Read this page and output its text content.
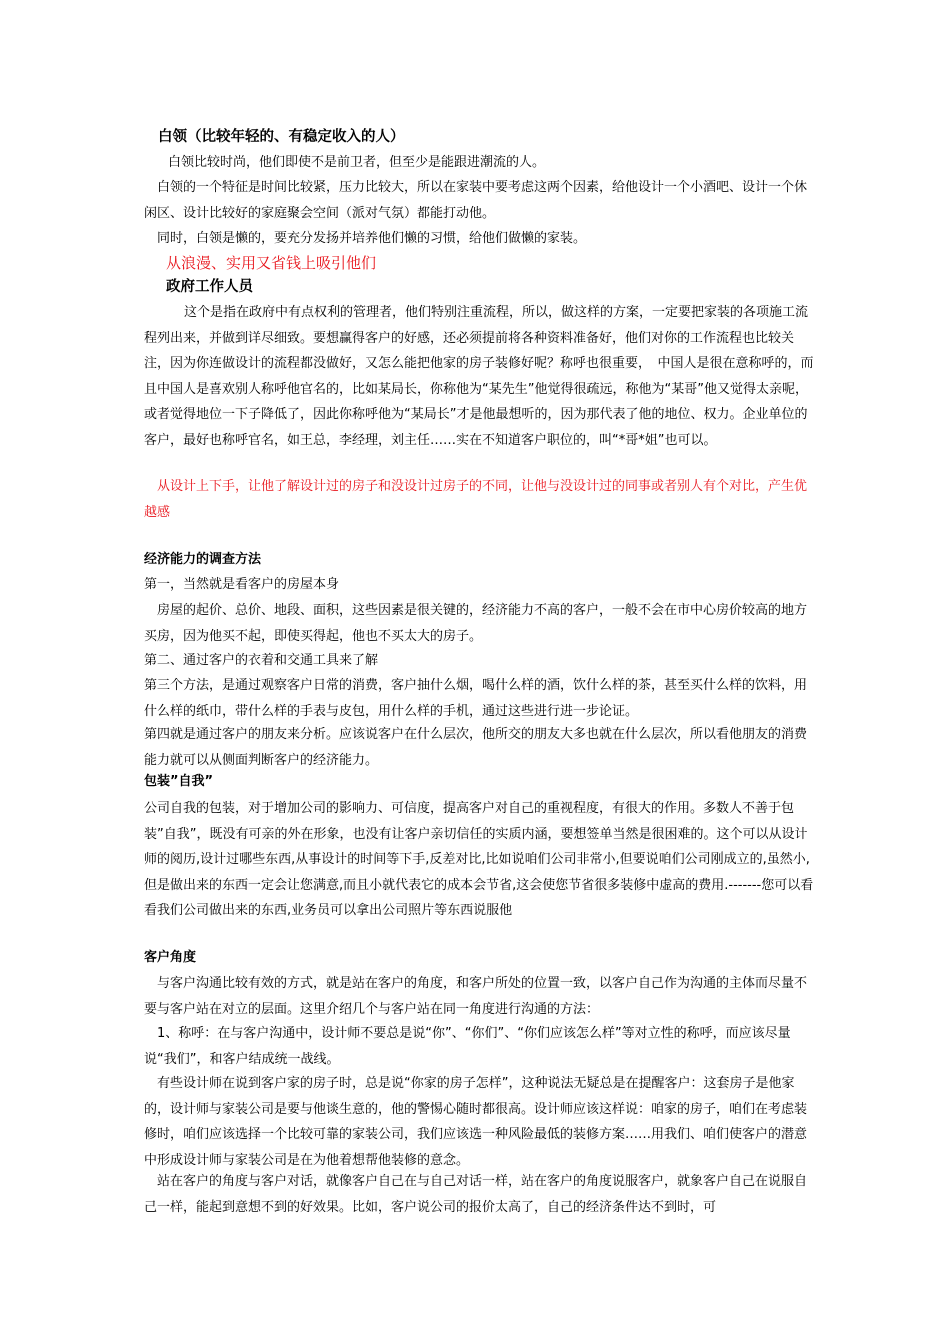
白领（比较年轻的、有稳定收入的人）

白领比较时尚，他们即使不是前卫者，但至少是能跟进潮流的人。

白领的一个特征是时间比较紧，压力比较大，所以在家装中要考虑这两个因素，给他设计一个小酒吧、设计一个休闲区、设计比较好的家庭聚会空间（派对气氛）都能打动他。

同时，白领是懒的，要充分发扬并培养他们懒的习惯，给他们做懒的家装。

从浪漫、实用又省钱上吸引他们
政府工作人员

这个是指在政府中有点权利的管理者，他们特别注重流程，所以，做这样的方案，一定要把家装的各项施工流程列出来，并做到详尽细致。要想赢得客户的好感，还必须提前将各种资料准备好，他们对你的工作流程也比较关注，因为你连做设计的流程都没做好，又怎么能把他家的房子装修好呢？称呼也很重要，　中国人是很在意称呼的，而且中国人是喜欢别人称呼他官名的，比如某局长，你称他为“某先生”他觉得很疏远，称他为“某哥”他又觉得太亲呢，或者觉得地位一下子降低了，因此你称呼他为“某局长”才是他最想听的，因为那代表了他的地位、权力。企业单位的客户，最好也称呼官名，如王总，李经理，刘主任……实在不知道客户职位的，叫“*哥*姐”也可以。

从设计上下手，让他了解设计过的房子和没设计过房子的不同，让他与没设计过的同事或者别人有个对比，产生优越感

经济能力的调查方法

第一，当然就是看客户的房屋本身

房屋的起价、总价、地段、面积，这些因素是很关键的，经济能力不高的客户，一般不会在市中心房价较高的地方买房，因为他买不起，即使买得起，他也不买太大的房子。

第二、通过客户的衣着和交通工具来了解

第三个方法，是通过观察客户日常的消费，客户抽什么烟，喝什么样的酒，饮什么样的茶，甚至买什么样的饮料，用什么样的纸巾，带什么样的手表与皮包，用什么样的手机，通过这些进行进一步论证。

第四就是通过客户的朋友来分析。应该说客户在什么层次，他所交的朋友大多也就在什么层次，所以看他朋友的消费能力就可以从侧面判断客户的经济能力。

包装”自我”

公司自我的包装，对于增加公司的影响力、可信度，提高客户对自己的重视程度，有很大的作用。多数人不善于包装”自我”，既没有可亲的外在形象，也没有让客户亲切信任的实质内涵，要想签单当然是很困难的。这个可以从设计师的阅历,设计过哪些东西,从事设计的时间等下手,反差对比,比如说咱们公司非常小,但要说咱们公司刚成立的,虽然小,但是做出来的东西一定会让您满意,而且小就代表它的成本会节省,这会使您节省很多装修中虚高的费用.-------您可以看看我们公司做出来的东西,业务员可以拿出公司照片等东西说服他

客户角度

与客户沟通比较有效的方式，就是站在客户的角度，和客户所处的位置一致，以客户自己作为沟通的主体而尽量不要与客户站在对立的层面。这里介绍几个与客户站在同一角度进行沟通的方法：

1、称呼：在与客户沟通中，设计师不要总是说“你”、“你们”、“你们应该怎么样”等对立性的称呼，而应该尽量说“我们”，和客户结成统一战线。

有些设计师在说到客户家的房子时，总是说“你家的房子怎样”，这种说法无疑总是在提醒客户：这套房子是他家的，设计师与家装公司是要与他谈生意的，他的警惕心随时都很高。设计师应该这样说：咱家的房子，咱们在考虑装修时，咱们应该选择一个比较可靠的家装公司，我们应该选一种风险最低的装修方案……用我们、咱们使客户的潜意中形成设计师与家装公司是在为他着想帮他装修的意念。

站在客户的角度与客户对话，就像客户自己在与自己对话一样，站在客户的角度说服客户，就象客户自己在说服自己一样，能起到意想不到的好效果。比如，客户说公司的报价太高了，自己的经济条件达不到时，可
